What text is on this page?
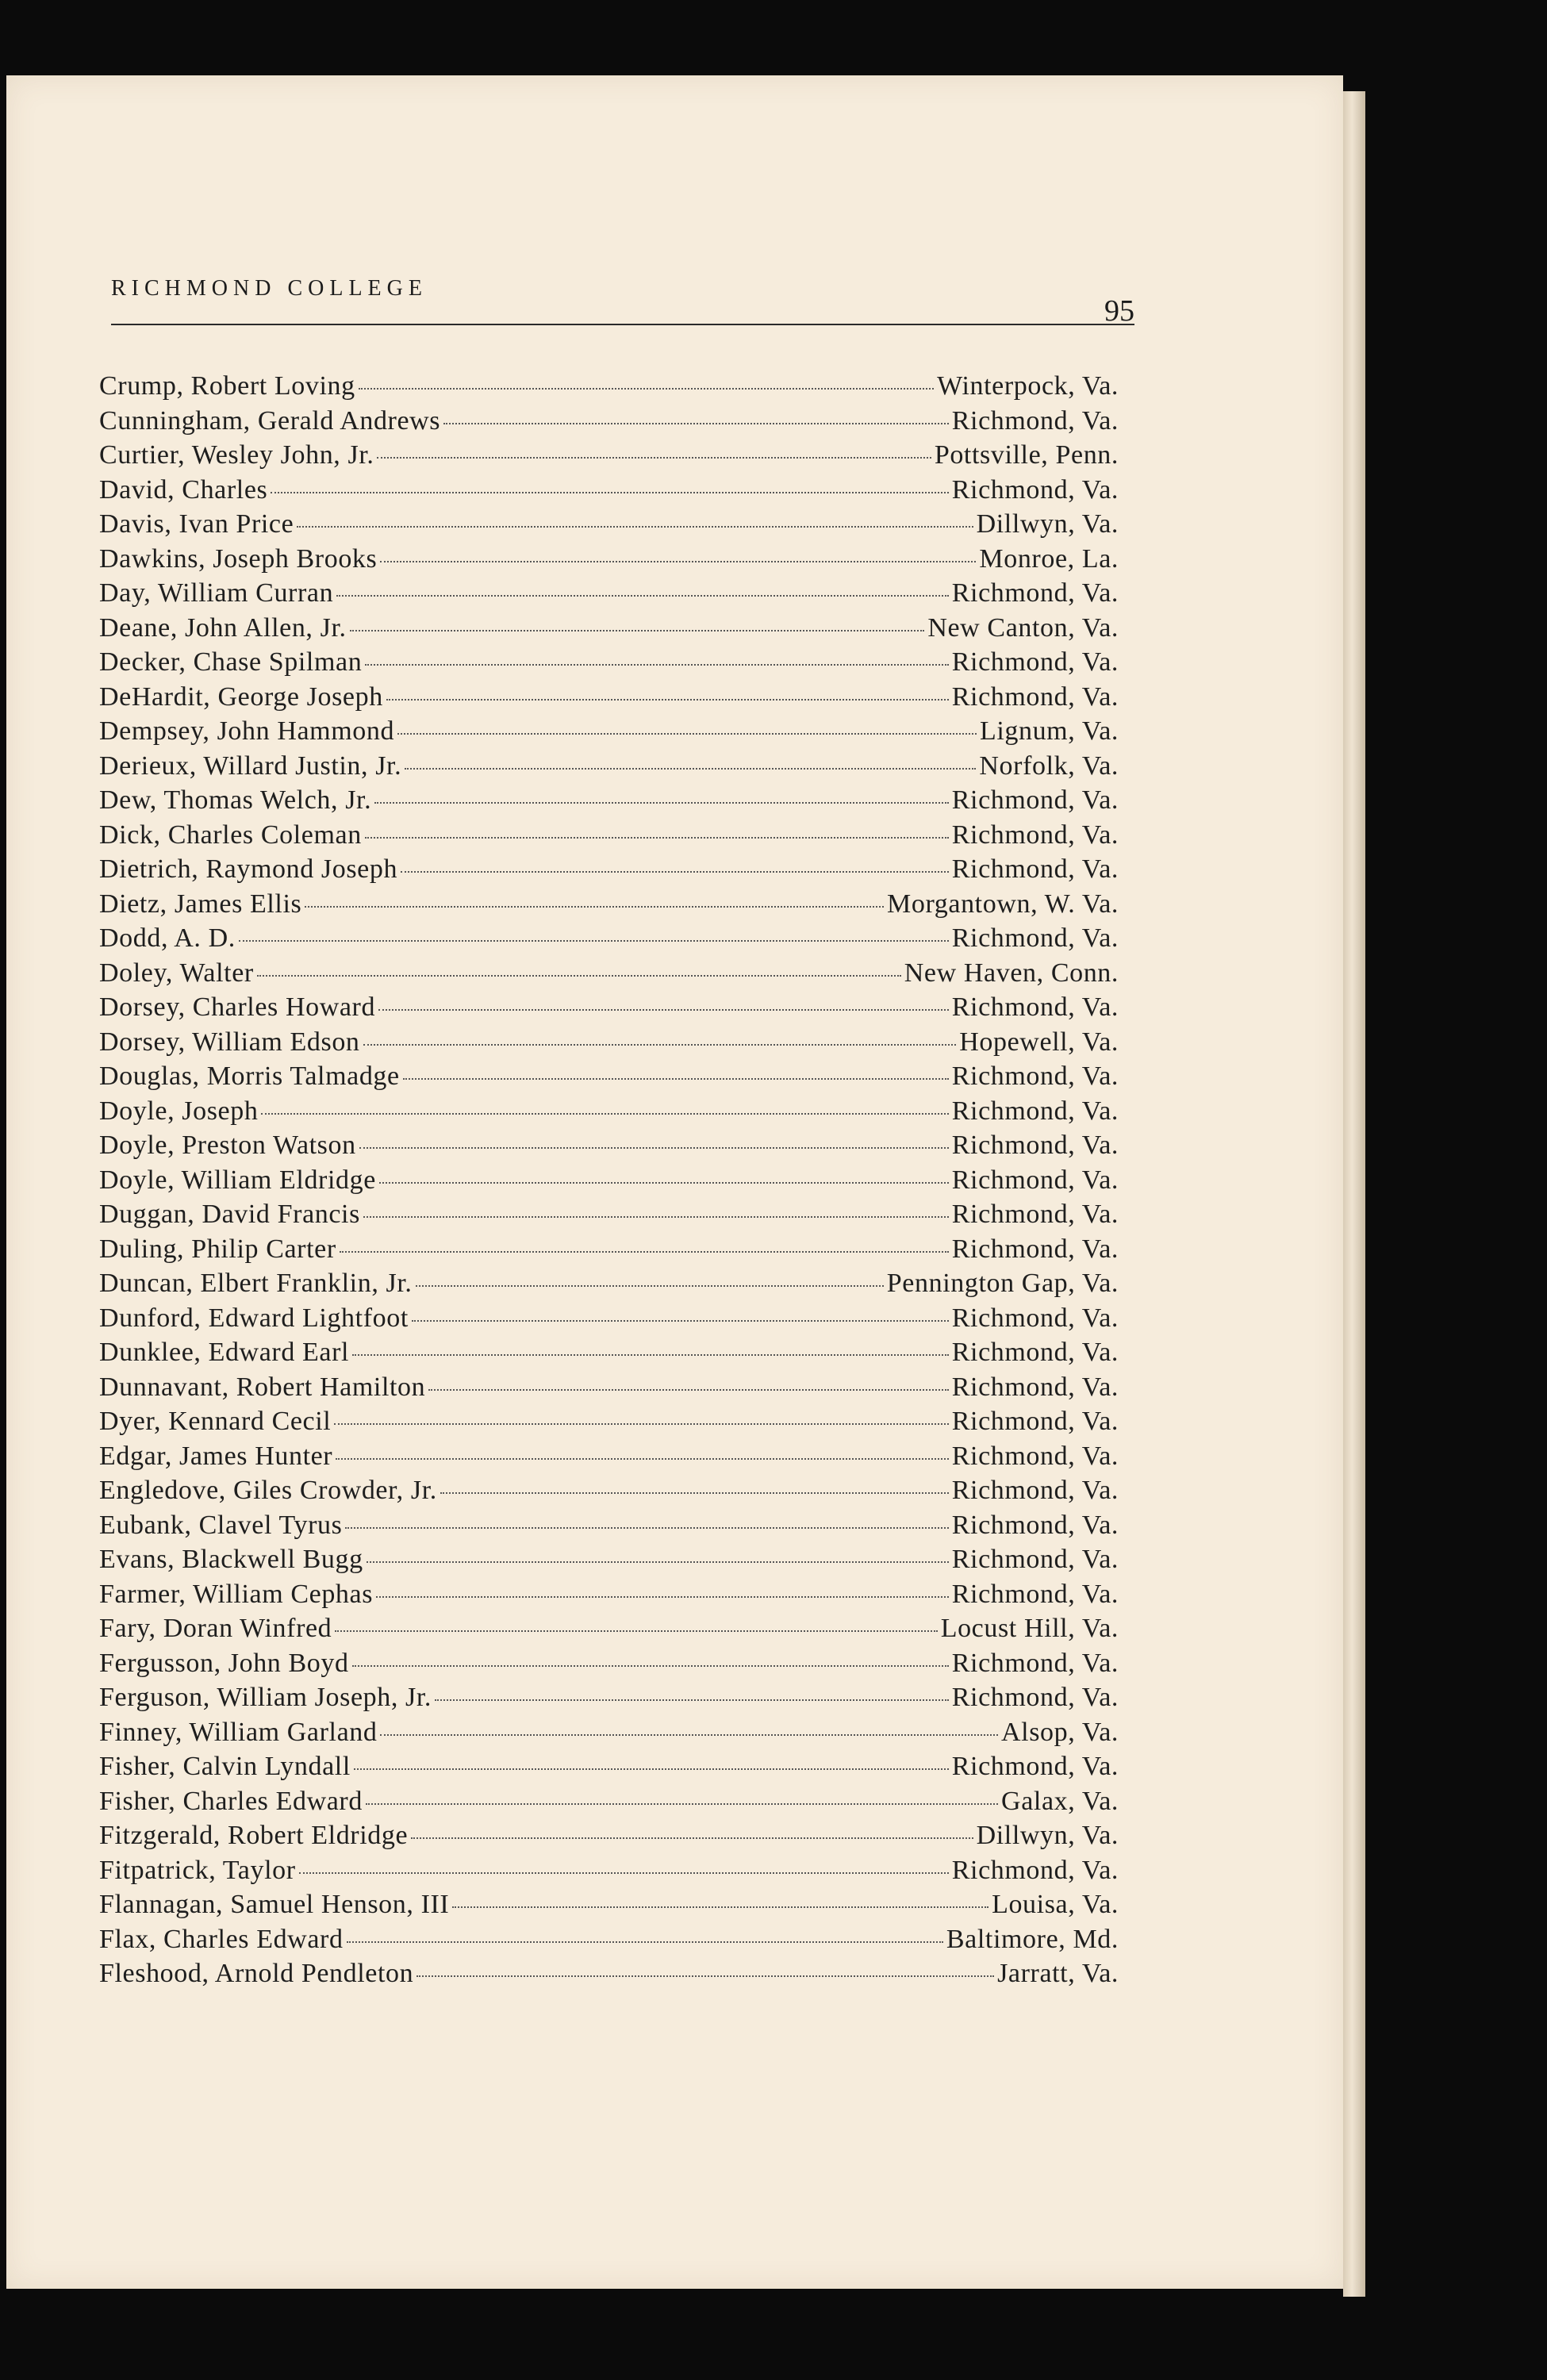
RICHMOND COLLEGE
95
Crump, Robert Loving	Winterpock, Va.
Cunningham, Gerald Andrews	Richmond, Va.
Curtier, Wesley John, Jr.	Pottsville, Penn.
David, Charles	Richmond, Va.
Davis, Ivan Price	Dillwyn, Va.
Dawkins, Joseph Brooks	Monroe, La.
Day, William Curran	Richmond, Va.
Deane, John Allen, Jr.	New Canton, Va.
Decker, Chase Spilman	Richmond, Va.
DeHardit, George Joseph	Richmond, Va.
Dempsey, John Hammond	Lignum, Va.
Derieux, Willard Justin, Jr.	Norfolk, Va.
Dew, Thomas Welch, Jr.	Richmond, Va.
Dick, Charles Coleman	Richmond, Va.
Dietrich, Raymond Joseph	Richmond, Va.
Dietz, James Ellis	Morgantown, W. Va.
Dodd, A. D.	Richmond, Va.
Doley, Walter	New Haven, Conn.
Dorsey, Charles Howard	Richmond, Va.
Dorsey, William Edson	Hopewell, Va.
Douglas, Morris Talmadge	Richmond, Va.
Doyle, Joseph	Richmond, Va.
Doyle, Preston Watson	Richmond, Va.
Doyle, William Eldridge	Richmond, Va.
Duggan, David Francis	Richmond, Va.
Duling, Philip Carter	Richmond, Va.
Duncan, Elbert Franklin, Jr.	Pennington Gap, Va.
Dunford, Edward Lightfoot	Richmond, Va.
Dunklee, Edward Earl	Richmond, Va.
Dunnavant, Robert Hamilton	Richmond, Va.
Dyer, Kennard Cecil	Richmond, Va.
Edgar, James Hunter	Richmond, Va.
Engledove, Giles Crowder, Jr.	Richmond, Va.
Eubank, Clavel Tyrus	Richmond, Va.
Evans, Blackwell Bugg	Richmond, Va.
Farmer, William Cephas	Richmond, Va.
Fary, Doran Winfred	Locust Hill, Va.
Fergusson, John Boyd	Richmond, Va.
Ferguson, William Joseph, Jr.	Richmond, Va.
Finney, William Garland	Alsop, Va.
Fisher, Calvin Lyndall	Richmond, Va.
Fisher, Charles Edward	Galax, Va.
Fitzgerald, Robert Eldridge	Dillwyn, Va.
Fitpatrick, Taylor	Richmond, Va.
Flannagan, Samuel Henson, III	Louisa, Va.
Flax, Charles Edward	Baltimore, Md.
Fleshood, Arnold Pendleton	Jarratt, Va.
